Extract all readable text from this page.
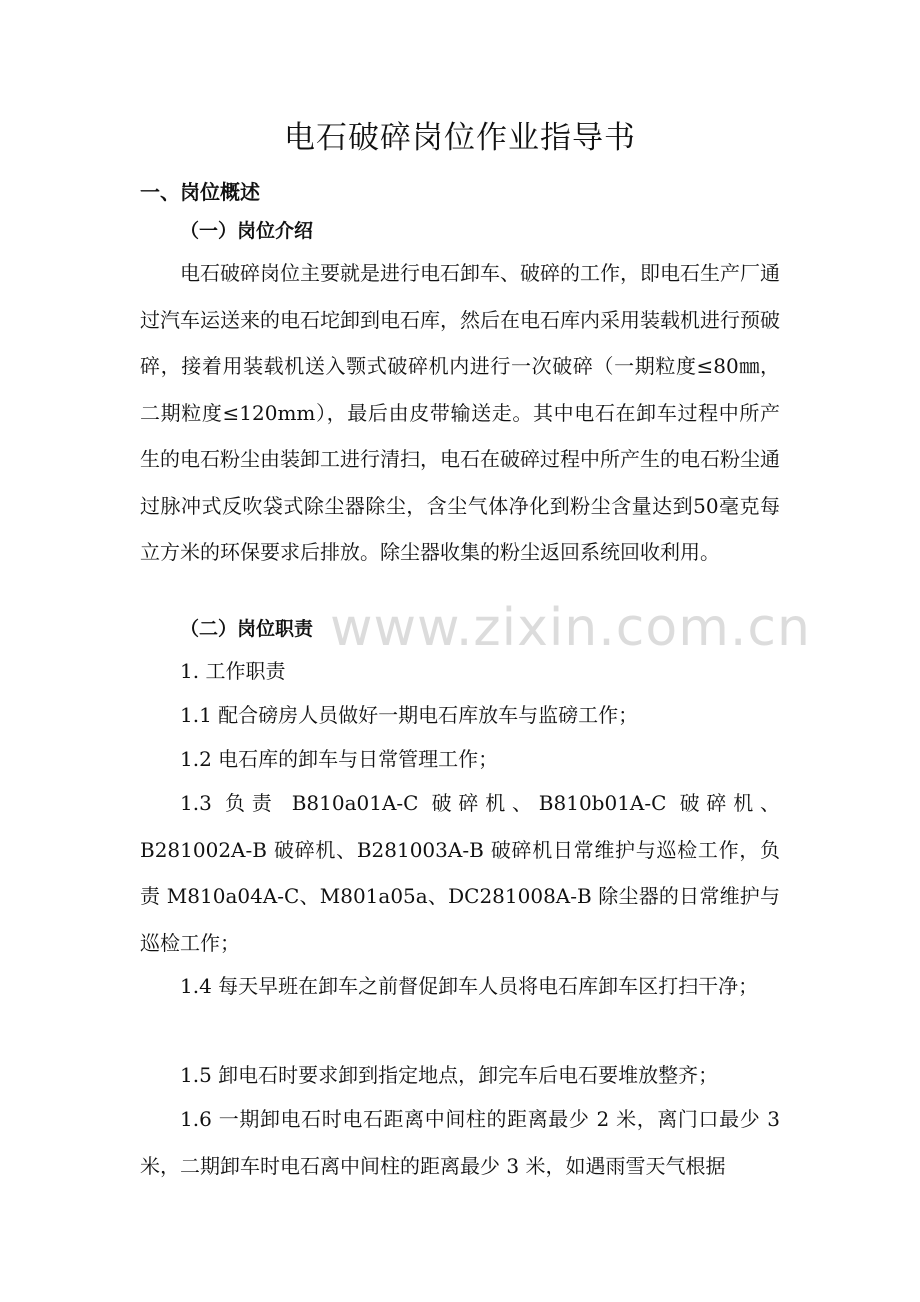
电石破碎岗位作业指导书
一、岗位概述
（一）岗位介绍

电石破碎岗位主要就是进行电石卸车、破碎的工作，即电石生产厂通过汽车运送来的电石坨卸到电石库，然后在电石库内采用装载机进行预破碎，接着用装载机送入颚式破碎机内进行一次破碎（一期粒度≤80㎜，二期粒度≤120mm），最后由皮带输送走。其中电石在卸车过程中所产生的电石粉尘由装卸工进行清扫，电石在破碎过程中所产生的电石粉尘通过脉冲式反吹袋式除尘器除尘，含尘气体净化到粉尘含量达到50毫克每立方米的环保要求后排放。除尘器收集的粉尘返回系统回收利用。

（二）岗位职责

1. 工作职责

1.1 配合磅房人员做好一期电石库放车与监磅工作；

1.2 电石库的卸车与日常管理工作；

1.3 负责 B810a01A-C 破碎机、B810b01A-C 破碎机、B281002A-B 破碎机、B281003A-B 破碎机日常维护与巡检工作，负责 M810a04A-C、M801a05a、DC281008A-B 除尘器的日常维护与巡检工作；

1.4 每天早班在卸车之前督促卸车人员将电石库卸车区打扫干净；

1.5 卸电石时要求卸到指定地点，卸完车后电石要堆放整齐；

1.6 一期卸电石时电石距离中间柱的距离最少 2 米，离门口最少 3 米，二期卸车时电石离中间柱的距离最少 3 米，如遇雨雪天气根据

www.zixin.com.cn
